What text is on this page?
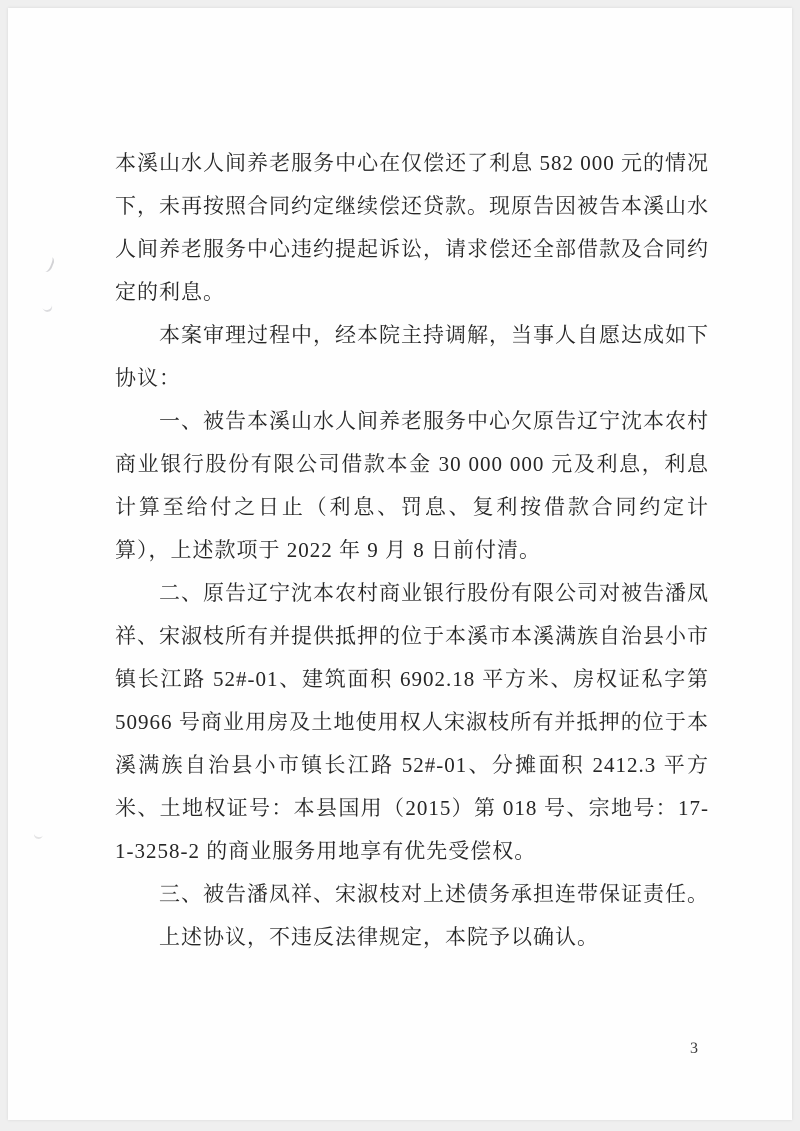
本溪山水人间养老服务中心在仅偿还了利息 582 000 元的情况下，未再按照合同约定继续偿还贷款。现原告因被告本溪山水人间养老服务中心违约提起诉讼，请求偿还全部借款及合同约定的利息。

本案审理过程中，经本院主持调解，当事人自愿达成如下协议：

一、被告本溪山水人间养老服务中心欠原告辽宁沈本农村商业银行股份有限公司借款本金 30 000 000 元及利息，利息计算至给付之日止（利息、罚息、复利按借款合同约定计算），上述款项于 2022 年 9 月 8 日前付清。

二、原告辽宁沈本农村商业银行股份有限公司对被告潘凤祥、宋淑枝所有并提供抵押的位于本溪市本溪满族自治县小市镇长江路 52#-01、建筑面积 6902.18 平方米、房权证私字第 50966 号商业用房及土地使用权人宋淑枝所有并抵押的位于本溪满族自治县小市镇长江路 52#-01、分摊面积 2412.3 平方米、土地权证号：本县国用（2015）第 018 号、宗地号：17-1-3258-2 的商业服务用地享有优先受偿权。

三、被告潘凤祥、宋淑枝对上述债务承担连带保证责任。

上述协议，不违反法律规定，本院予以确认。

3
